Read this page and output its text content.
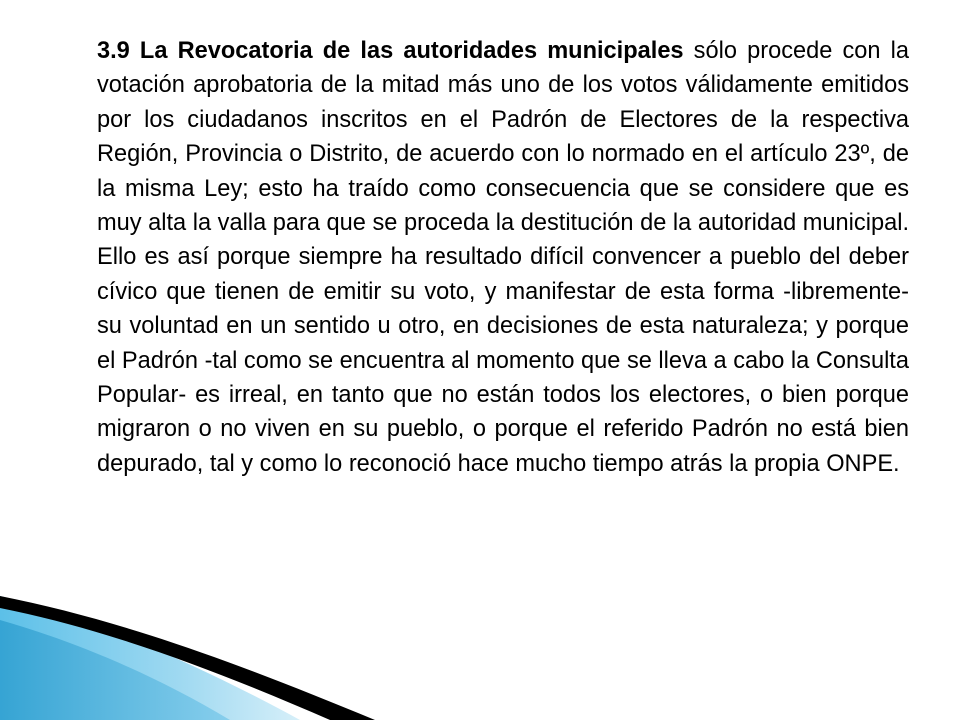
3.9 La Revocatoria de las autoridades municipales sólo procede con la votación aprobatoria de la mitad más uno de los votos válidamente emitidos por los ciudadanos inscritos en el Padrón de Electores de la respectiva Región, Provincia o Distrito, de acuerdo con lo normado en el artículo 23º, de la misma Ley; esto ha traído como consecuencia que se considere que es muy alta la valla para que se proceda la destitución de la autoridad municipal. Ello es así porque siempre ha resultado difícil convencer a pueblo del deber cívico que tienen de emitir su voto, y manifestar de esta forma -libremente- su voluntad en un sentido u otro, en decisiones de esta naturaleza; y porque el Padrón -tal como se encuentra al momento que se lleva a cabo la Consulta Popular- es irreal, en tanto que no están todos los electores, o bien porque migraron o no viven en su pueblo, o porque el referido Padrón no está bien depurado, tal y como lo reconoció hace mucho tiempo atrás la propia ONPE.
